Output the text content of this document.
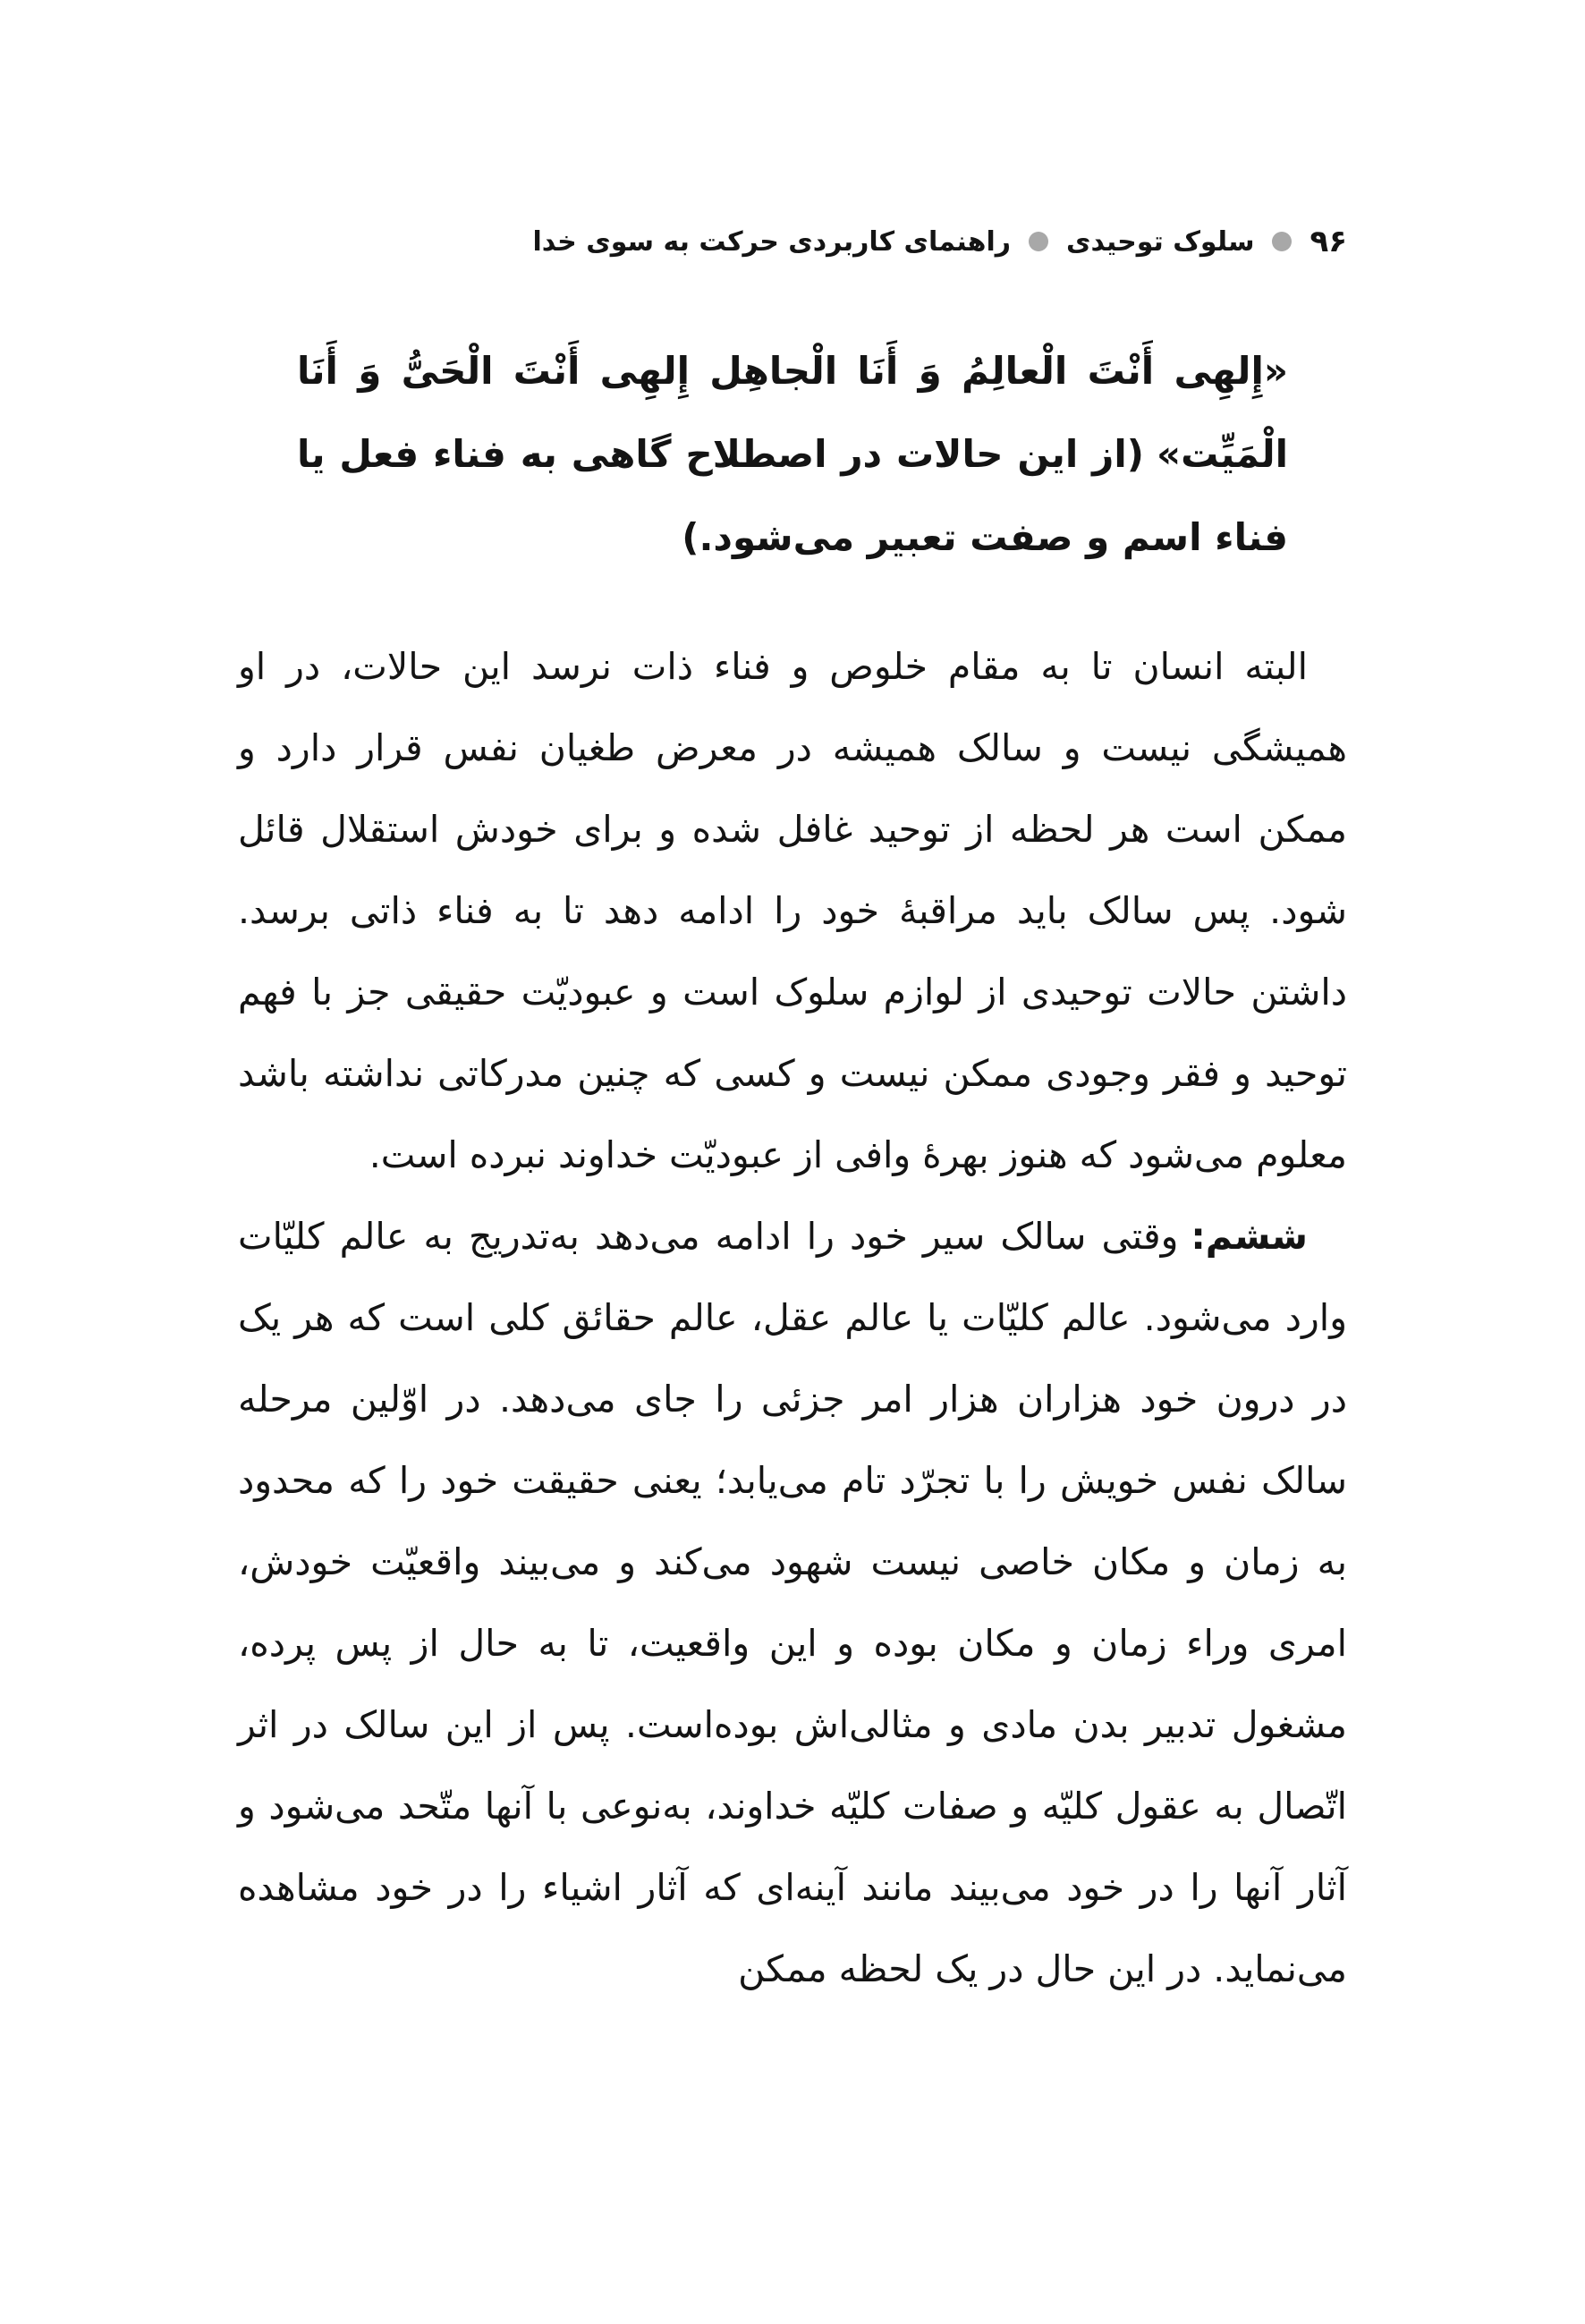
۹۶
سلوک توحیدی
راهنمای کاربردی حرکت به سوی خدا
«إِلهِی أَنْتَ الْعالِمُ وَ أَنَا الْجاهِل إِلهِی أَنْتَ الْحَیُّ وَ أَنَا الْمَیِّت»(از این حالات در اصطلاح گاهی به فناء فعل یا فناء اسم و صفت تعبیر می‌شود.)

البته انسان تا به مقام خلوص و فناء ذات نرسد این حالات، در او همیشگی نیست و سالک همیشه در معرض طغیان نفس قرار دارد و ممکن است هر لحظه از توحید غافل شده و برای خودش استقلال قائل شود. پس سالک باید مراقبهٔ خود را ادامه دهد تا به فناء ذاتی برسد. داشتن حالات توحیدی از لوازم سلوک است و عبودیّت حقیقی جز با فهم توحید و فقر وجودی ممکن نیست و کسی که چنین مدرکاتی نداشته باشد معلوم می‌شود که هنوز بهرهٔ وافی از عبودیّت خداوند نبرده است.

ششم:وقتی سالک سیر خود را ادامه می‌دهد به‌تدریج به عالم کلیّات وارد می‌شود. عالم کلیّات یا عالم عقل، عالم حقائق کلی است که هر یک در درون خود هزاران هزار امر جزئی را جای می‌دهد. در اوّلین مرحله سالک نفس خویش را با تجرّد تام می‌یابد؛ یعنی حقیقت خود را که محدود به زمان و مکان خاصی نیست شهود می‌کند و می‌بیند واقعیّت خودش، امری وراء زمان و مکان بوده و این واقعیت، تا به حال از پس پرده، مشغول تدبیر بدن مادی و مثالی‌اش بوده‌است. پس از این سالک در اثر اتّصال به عقول کلیّه و صفات کلیّه خداوند، به‌نوعی با آنها متّحد می‌شود و آثار آنها را در خود می‌بیند مانند آینه‌ای که آثار اشیاء را در خود مشاهده می‌نماید. در این حال در یک لحظه ممکن
